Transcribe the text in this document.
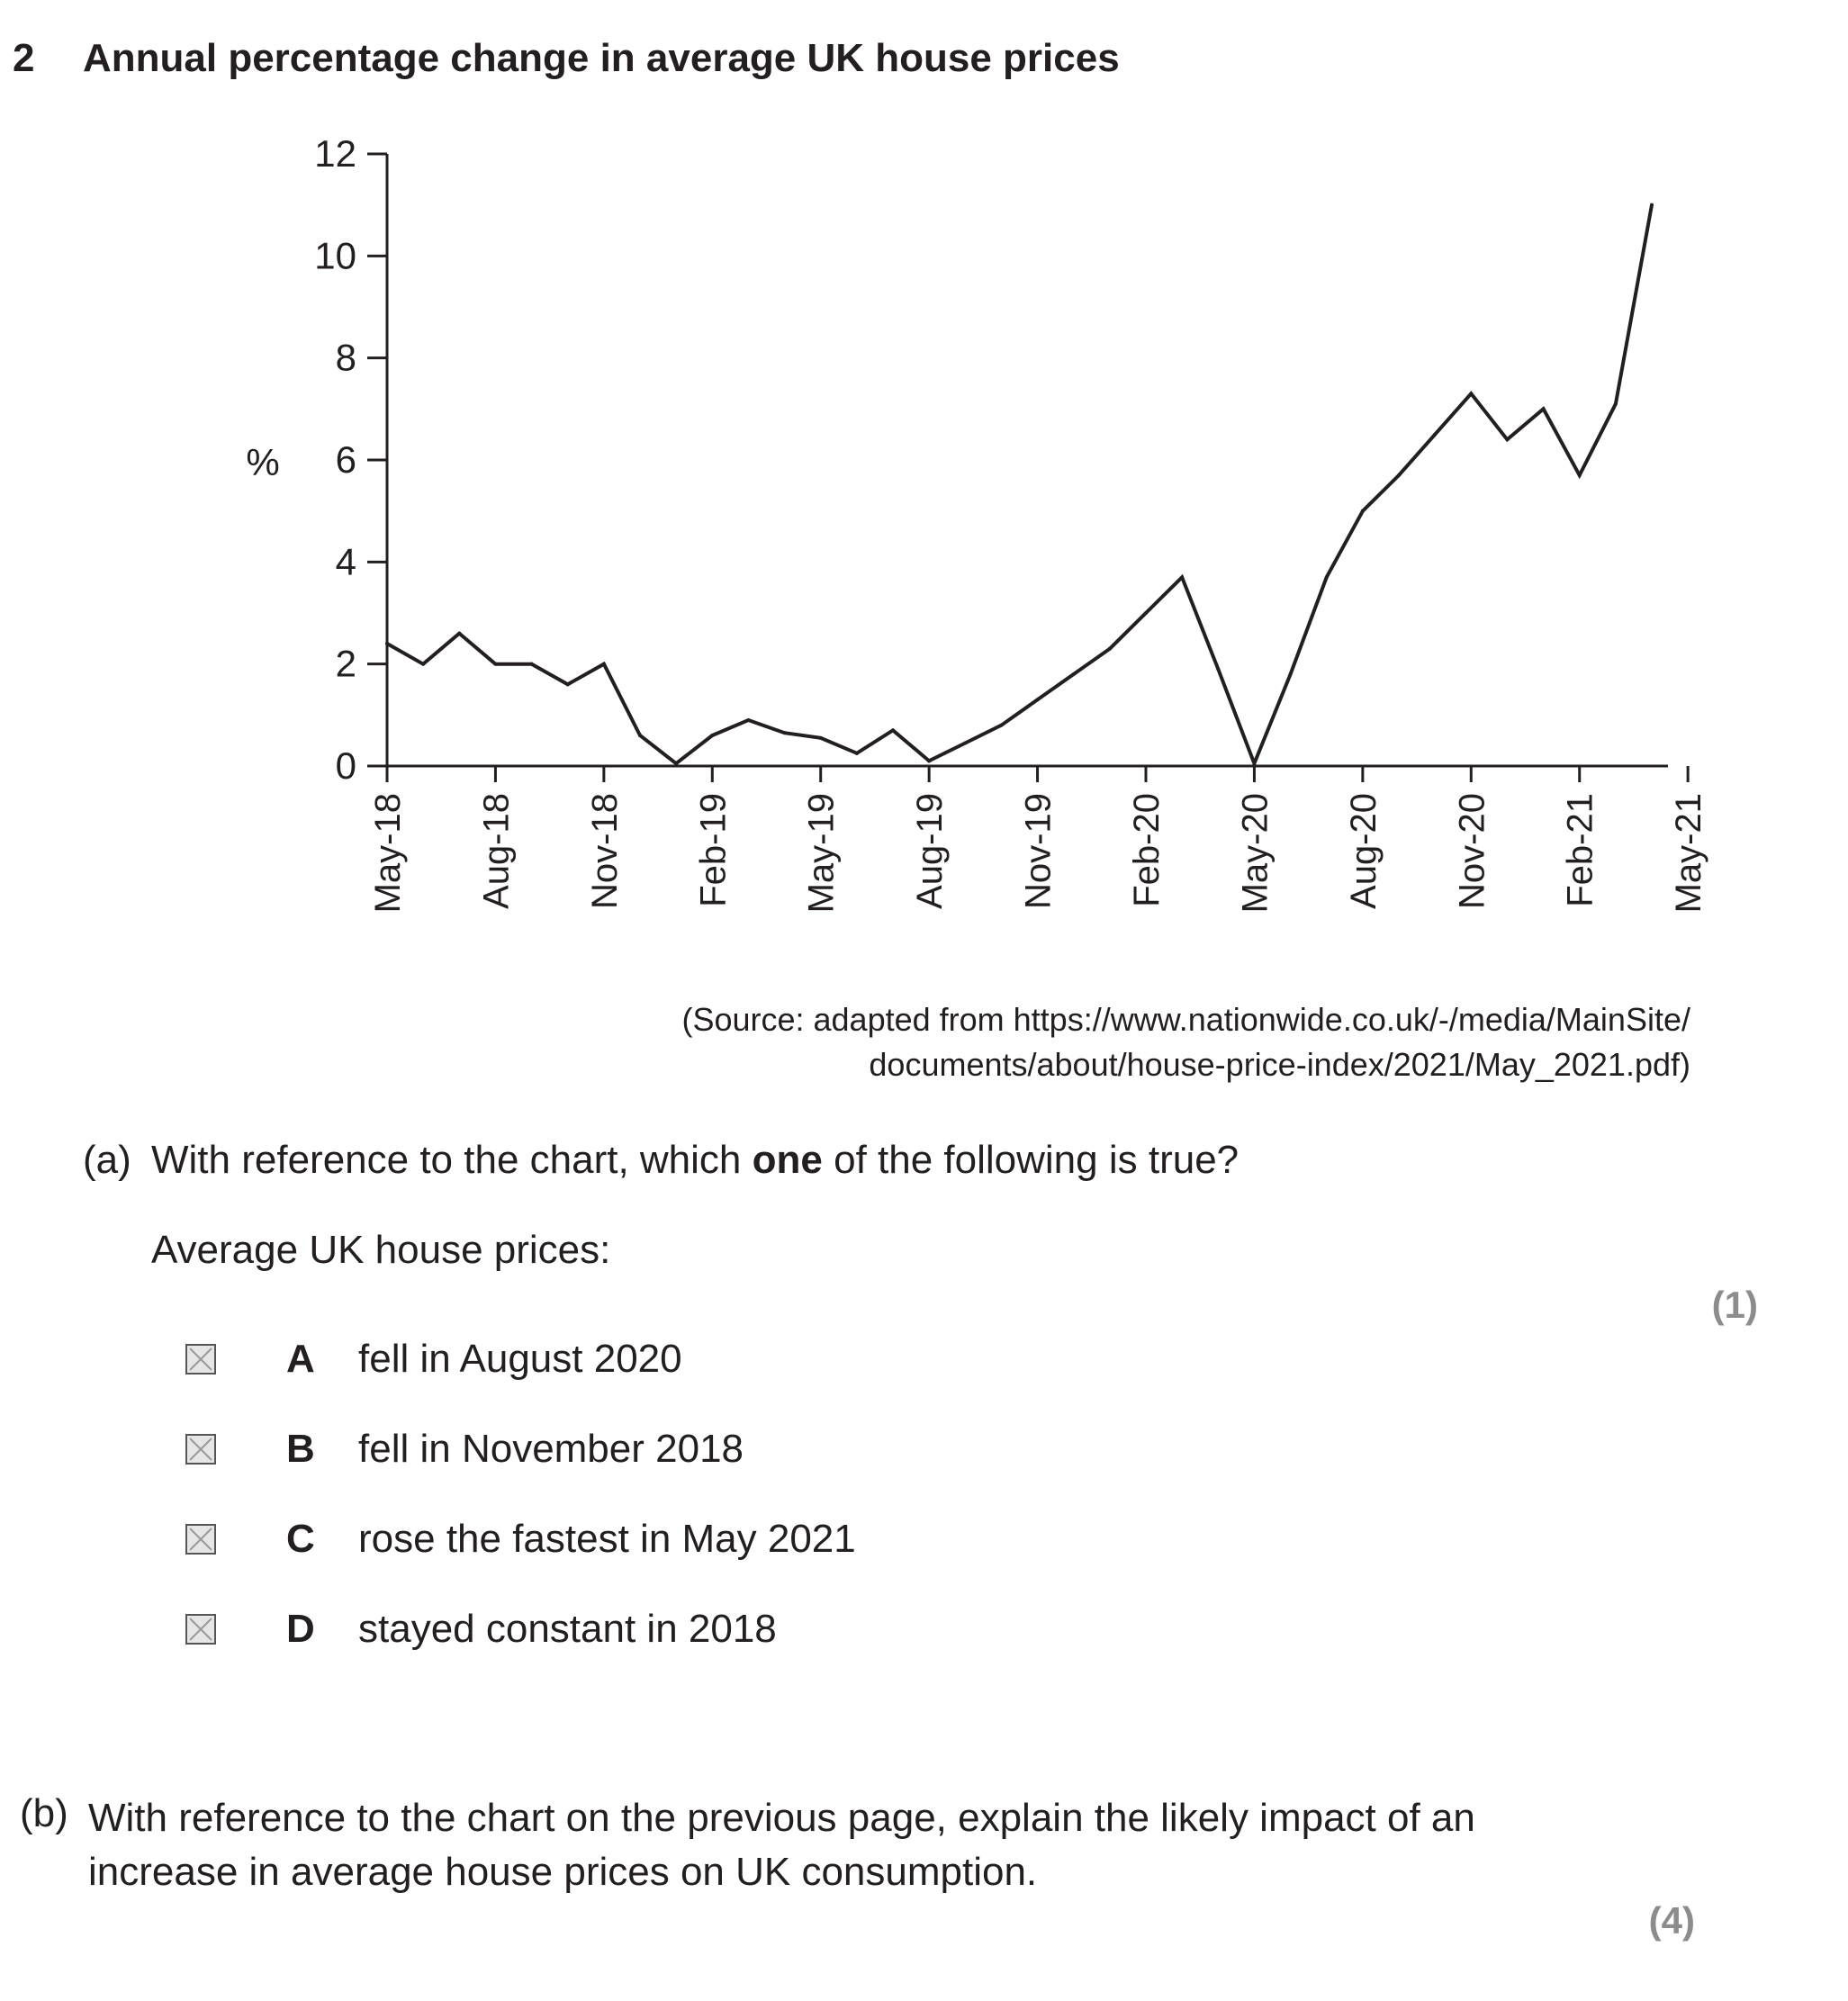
2 Annual percentage change in average UK house prices
0
2
4
6
8
10
12
%
May-18 Aug-18 Nov-18 Feb-19 May-19 Aug-19 Nov-19 Feb-20 May-20 Aug-20 Nov-20 Feb-21 May-21
(Source: adapted from https://www.nationwide.co.uk/-/media/MainSite/
documents/about/house-price-index/2021/May_2021.pdf)
(a) With reference to the chart, which one of the following is true?
Average UK house prices:
(1)
A fell in August 2020
B fell in November 2018
C rose the fastest in May 2021
D stayed constant in 2018
(b) With reference to the chart on the previous page, explain the likely impact of an
increase in average house prices on UK consumption.
(4)
